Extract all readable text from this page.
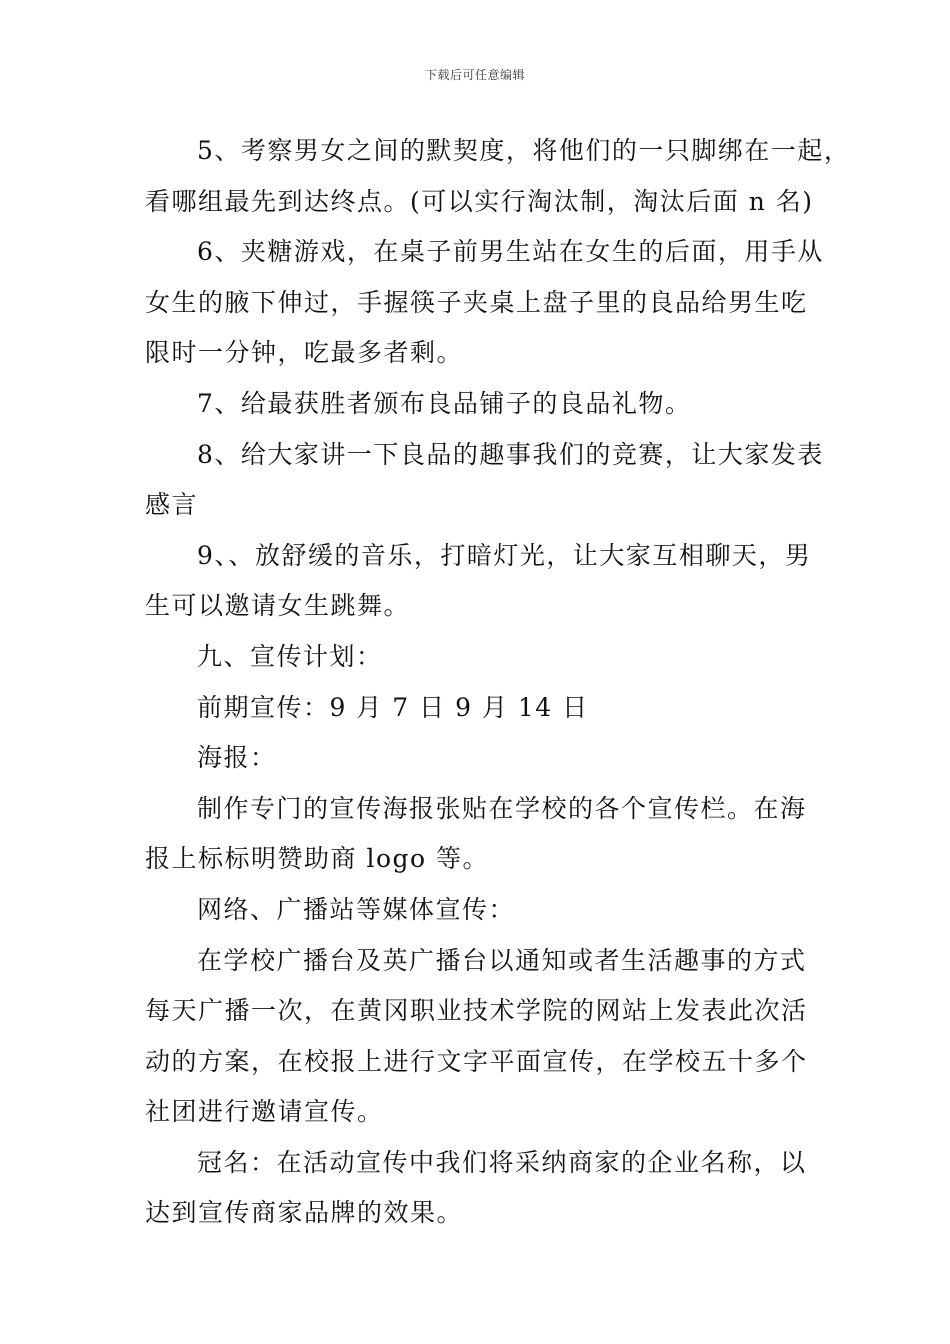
下载后可任意编辑

5、考察男女之间的默契度，将他们的一只脚绑在一起，

看哪组最先到达终点。(可以实行淘汰制，淘汰后面 n 名)

6、夹糖游戏，在桌子前男生站在女生的后面，用手从

女生的腋下伸过，手握筷子夹桌上盘子里的良品给男生吃

限时一分钟，吃最多者剩。

7、给最获胜者颁布良品铺子的良品礼物。

8、给大家讲一下良品的趣事我们的竞赛，让大家发表

感言

9、、放舒缓的音乐，打暗灯光，让大家互相聊天，男

生可以邀请女生跳舞。

九、宣传计划：

前期宣传：9 月 7 日 9 月 14 日

海报：

制作专门的宣传海报张贴在学校的各个宣传栏。在海

报上标标明赞助商 logo 等。

网络、广播站等媒体宣传：

在学校广播台及英广播台以通知或者生活趣事的方式

每天广播一次，在黄冈职业技术学院的网站上发表此次活

动的方案，在校报上进行文字平面宣传，在学校五十多个

社团进行邀请宣传。

冠名：在活动宣传中我们将采纳商家的企业名称，以

达到宣传商家品牌的效果。
